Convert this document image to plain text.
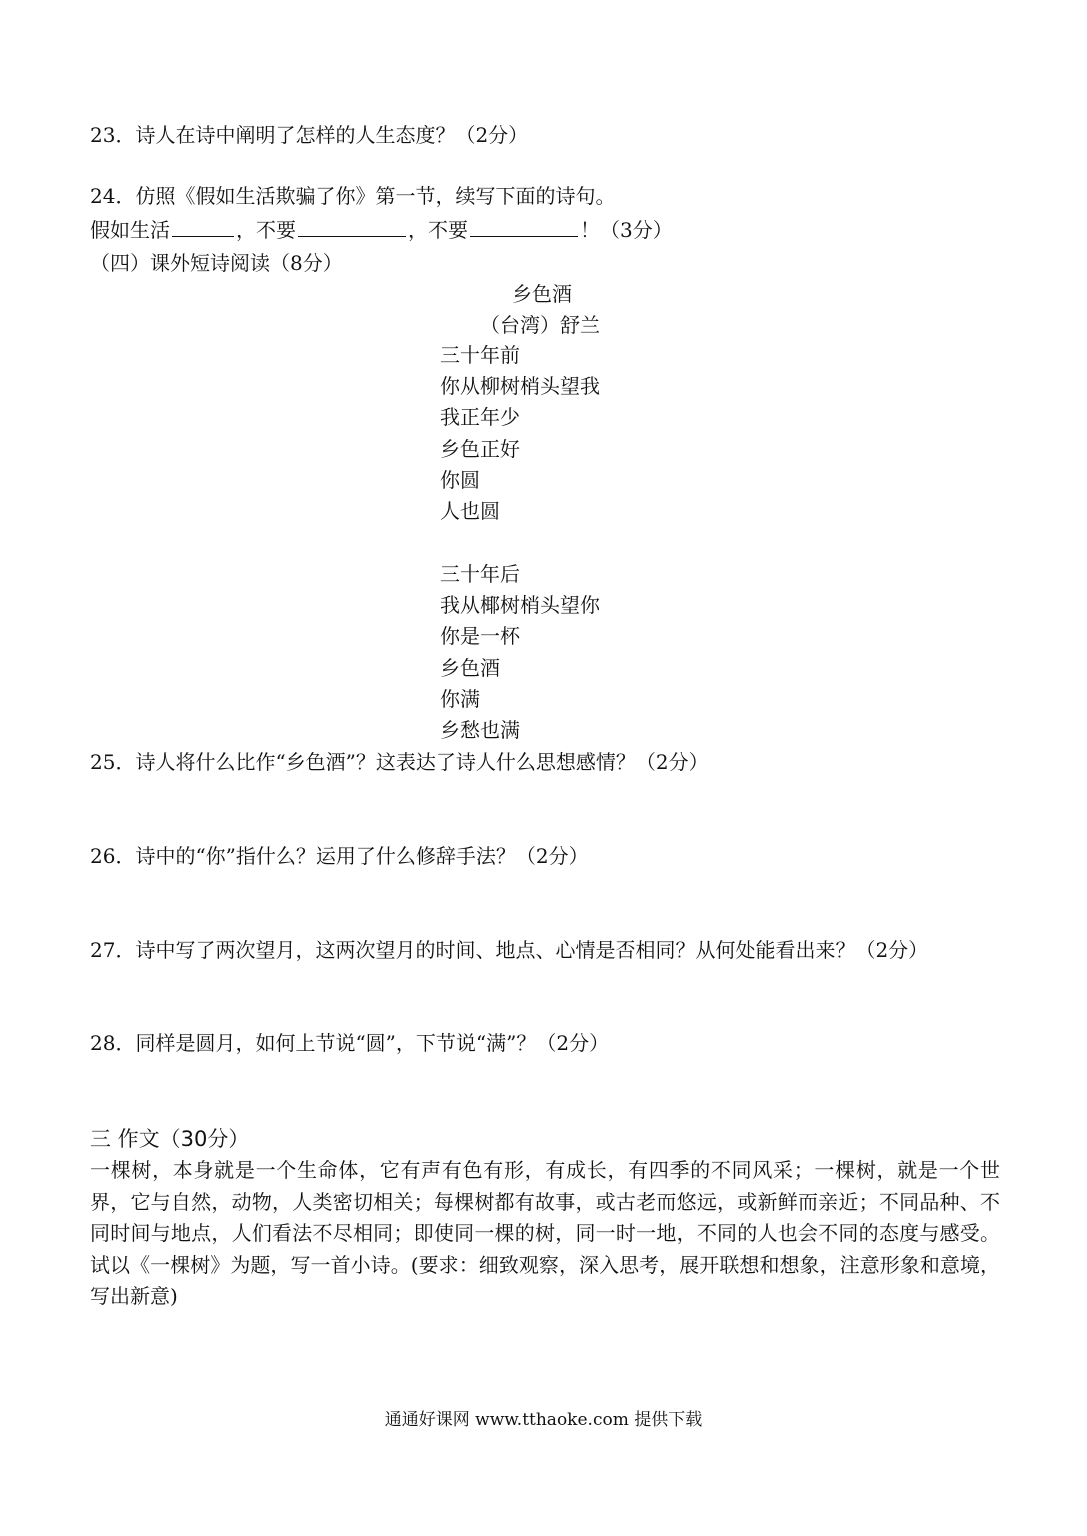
23．诗人在诗中阐明了怎样的人生态度？（2分）
24．仿照《假如生活欺骗了你》第一节，续写下面的诗句。
假如生活	，不要	，不要	！（3分）
（四）课外短诗阅读（8分）
乡色酒
（台湾）舒兰
三十年前
你从柳树梢头望我
我正年少
乡色正好
你圆
人也圆
三十年后
我从椰树梢头望你
你是一杯
乡色酒
你满
乡愁也满
25．诗人将什么比作“乡色酒”？这表达了诗人什么思想感情？（2分）
26．诗中的“你”指什么？运用了什么修辞手法？（2分）
27．诗中写了两次望月，这两次望月的时间、地点、心情是否相同？从何处能看出来？（2分）
28．同样是圆月，如何上节说“圆”，下节说“满”？（2分）
三 作文（30分）
一棵树，本身就是一个生命体，它有声有色有形，有成长，有四季的不同风采；一棵树，就是一个世界，它与自然，动物，人类密切相关；每棵树都有故事，或古老而悠远，或新鲜而亲近；不同品种、不同时间与地点，人们看法不尽相同；即使同一棵的树，同一时一地，不同的人也会不同的态度与感受。试以《一棵树》为题，写一首小诗。(要求：细致观察，深入思考，展开联想和想象，注意形象和意境，写出新意)
通通好课网 www.tthaoke.com 提供下载
